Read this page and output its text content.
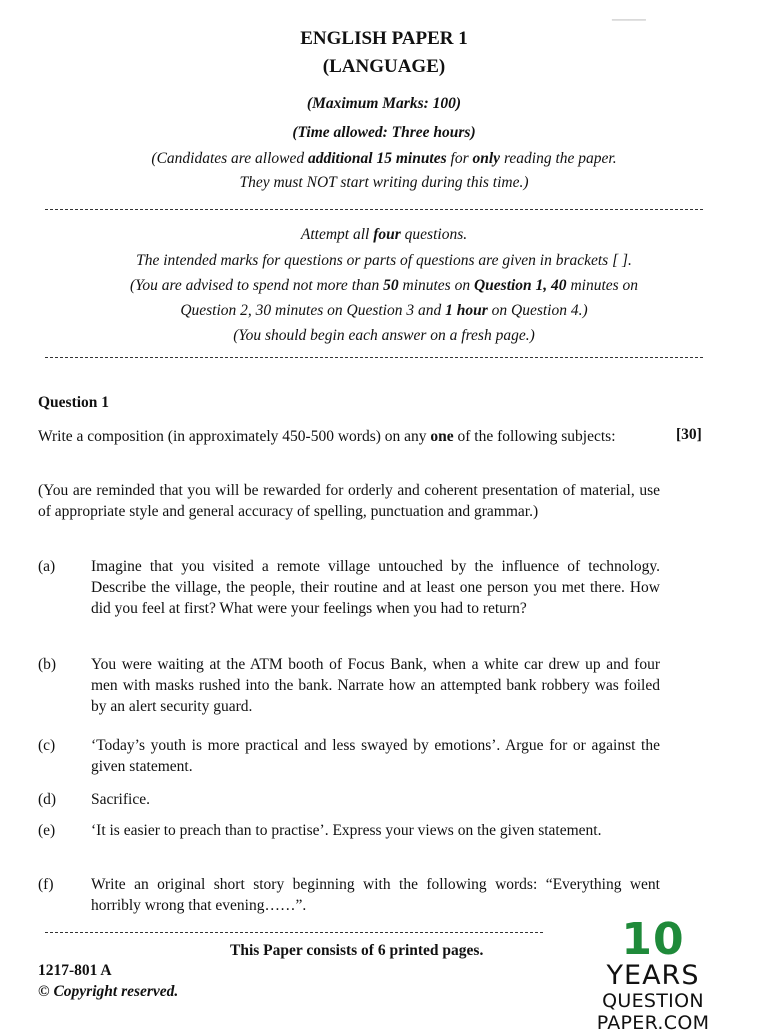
▁▁▁▁
ENGLISH PAPER 1
(LANGUAGE)
(Maximum Marks: 100)
(Time allowed: Three hours)
(Candidates are allowed additional 15 minutes for only reading the paper.
They must NOT start writing during this time.)
Attempt all four questions.
The intended marks for questions or parts of questions are given in brackets [ ].
(You are advised to spend not more than 50 minutes on Question 1, 40 minutes on
Question 2, 30 minutes on Question 3 and 1 hour on Question 4.)
(You should begin each answer on a fresh page.)
Question 1
Write a composition (in approximately 450-500 words) on any one of the following subjects:	[30]
(You are reminded that you will be rewarded for orderly and coherent presentation of material, use of appropriate style and general accuracy of spelling, punctuation and grammar.)
(a) Imagine that you visited a remote village untouched by the influence of technology. Describe the village, the people, their routine and at least one person you met there. How did you feel at first? What were your feelings when you had to return?
(b) You were waiting at the ATM booth of Focus Bank, when a white car drew up and four men with masks rushed into the bank. Narrate how an attempted bank robbery was foiled by an alert security guard.
(c) ‘Today’s youth is more practical and less swayed by emotions’. Argue for or against the given statement.
(d) Sacrifice.
(e) ‘It is easier to preach than to practise’. Express your views on the given statement.
(f) Write an original short story beginning with the following words: “Everything went horribly wrong that evening……”.
This Paper consists of 6 printed pages.
1217-801 A
© Copyright reserved.
10
YEARS
QUESTION PAPER.COM
